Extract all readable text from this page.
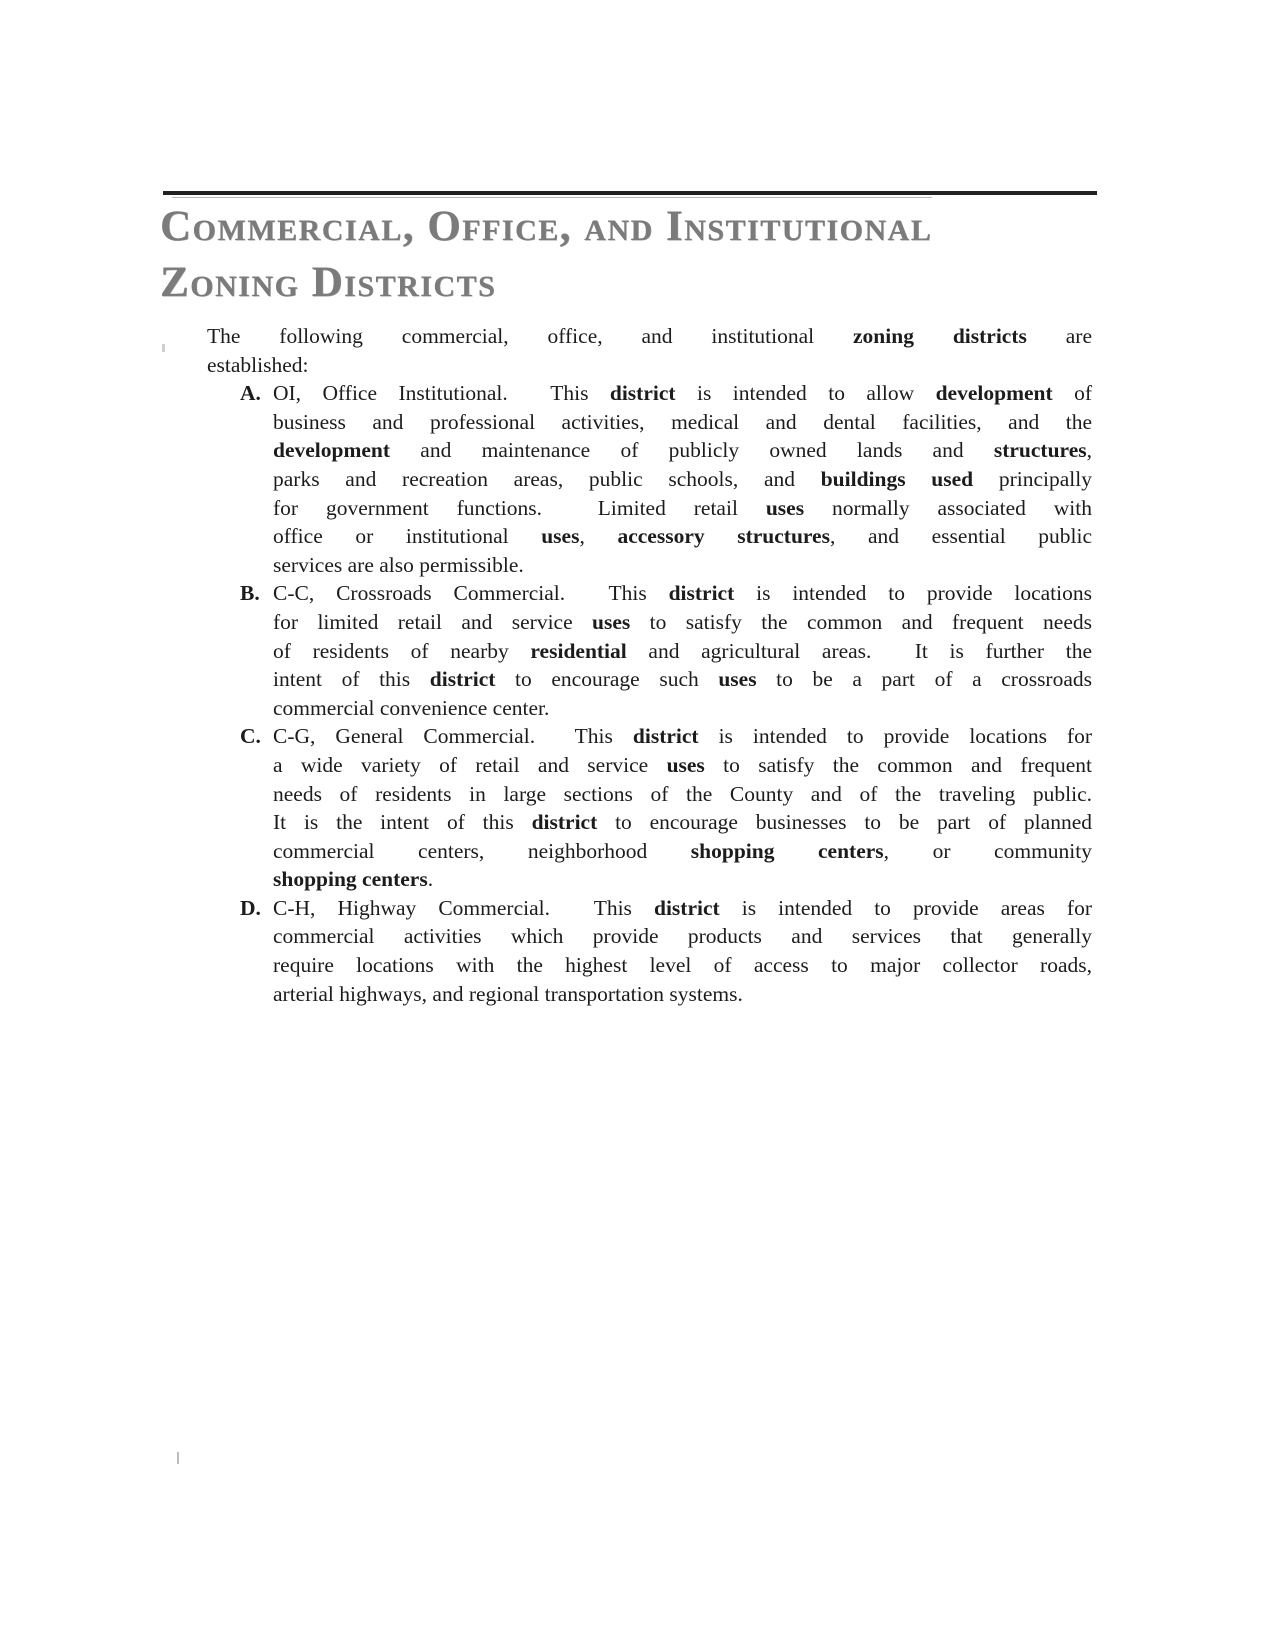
Commercial, Office, and Institutional
Zoning Districts
The following commercial, office, and institutional zoning districts are
established:
A. OI, Office Institutional.  This district is intended to allow development of
business and professional activities, medical and dental facilities, and the
development and maintenance of publicly owned lands and structures,
parks and recreation areas, public schools, and buildings used principally
for government functions.  Limited retail uses normally associated with
office or institutional uses, accessory structures, and essential public
services are also permissible.
B. C-C, Crossroads Commercial.  This district is intended to provide locations
for limited retail and service uses to satisfy the common and frequent needs
of residents of nearby residential and agricultural areas.  It is further the
intent of this district to encourage such uses to be a part of a crossroads
commercial convenience center.
C. C-G, General Commercial.  This district is intended to provide locations for
a wide variety of retail and service uses to satisfy the common and frequent
needs of residents in large sections of the County and of the traveling public.
It is the intent of this district to encourage businesses to be part of planned
commercial centers, neighborhood shopping centers, or community
shopping centers.
D. C-H, Highway Commercial.  This district is intended to provide areas for
commercial activities which provide products and services that generally
require locations with the highest level of access to major collector roads,
arterial highways, and regional transportation systems.
